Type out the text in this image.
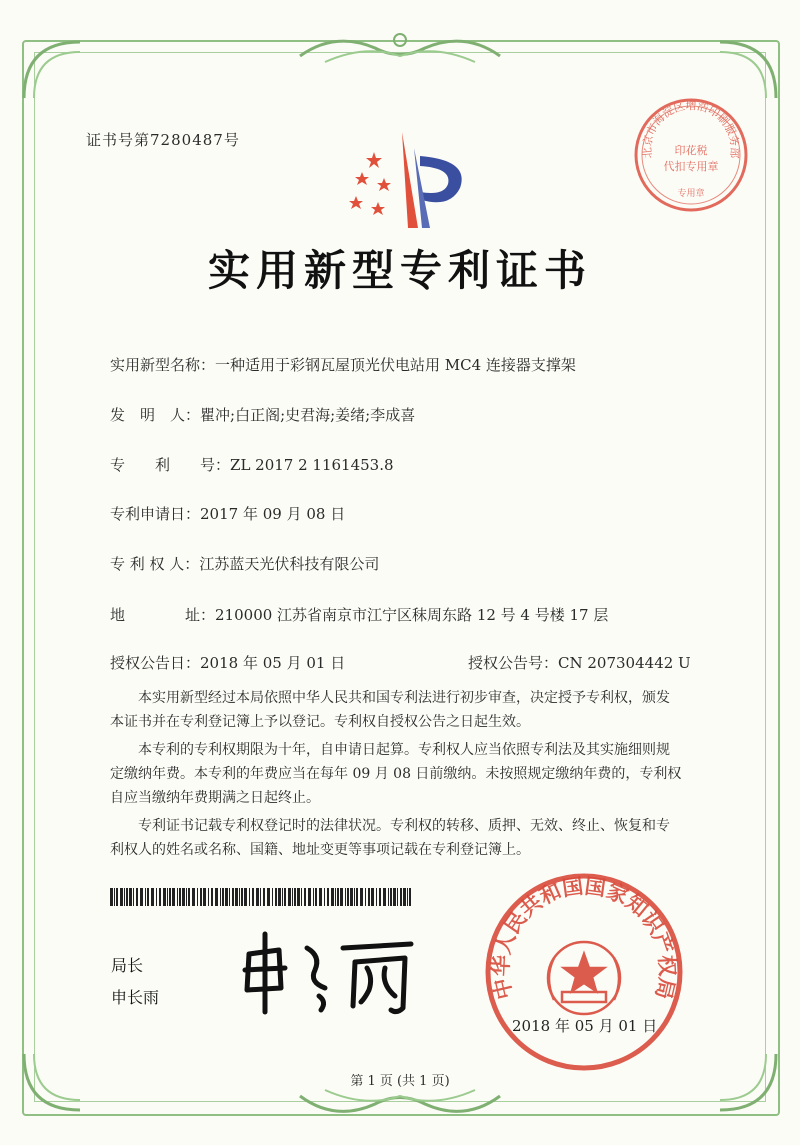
证书号第7280487号
北京市海淀区增浩印刷服务部
印花税
代扣专用章
专用章
实用新型专利证书
实用新型名称：一种适用于彩钢瓦屋顶光伏电站用 MC4 连接器支撑架
发　明　人：瞿冲;白正阁;史君海;姜绪;李成喜
专　　利　　号：ZL 2017 2 1161453.8
专利申请日：2017 年 09 月 08 日
专 利 权 人：江苏蓝天光伏科技有限公司
地　　　　址：210000 江苏省南京市江宁区秣周东路 12 号 4 号楼 17 层
授权公告日：2018 年 05 月 01 日	授权公告号：CN 207304442 U
本实用新型经过本局依照中华人民共和国专利法进行初步审查，决定授予专利权，颁发
本证书并在专利登记簿上予以登记。专利权自授权公告之日起生效。
本专利的专利权期限为十年，自申请日起算。专利权人应当依照专利法及其实施细则规
定缴纳年费。本专利的年费应当在每年 09 月 08 日前缴纳。未按照规定缴纳年费的，专利权
自应当缴纳年费期满之日起终止。
专利证书记载专利权登记时的法律状况。专利权的转移、质押、无效、终止、恢复和专
利权人的姓名或名称、国籍、地址变更等事项记载在专利登记簿上。
局长
申长雨	中华人民共和国国家知识产权局
2018 年 05 月 01 日
第 1 页 (共 1 页)
